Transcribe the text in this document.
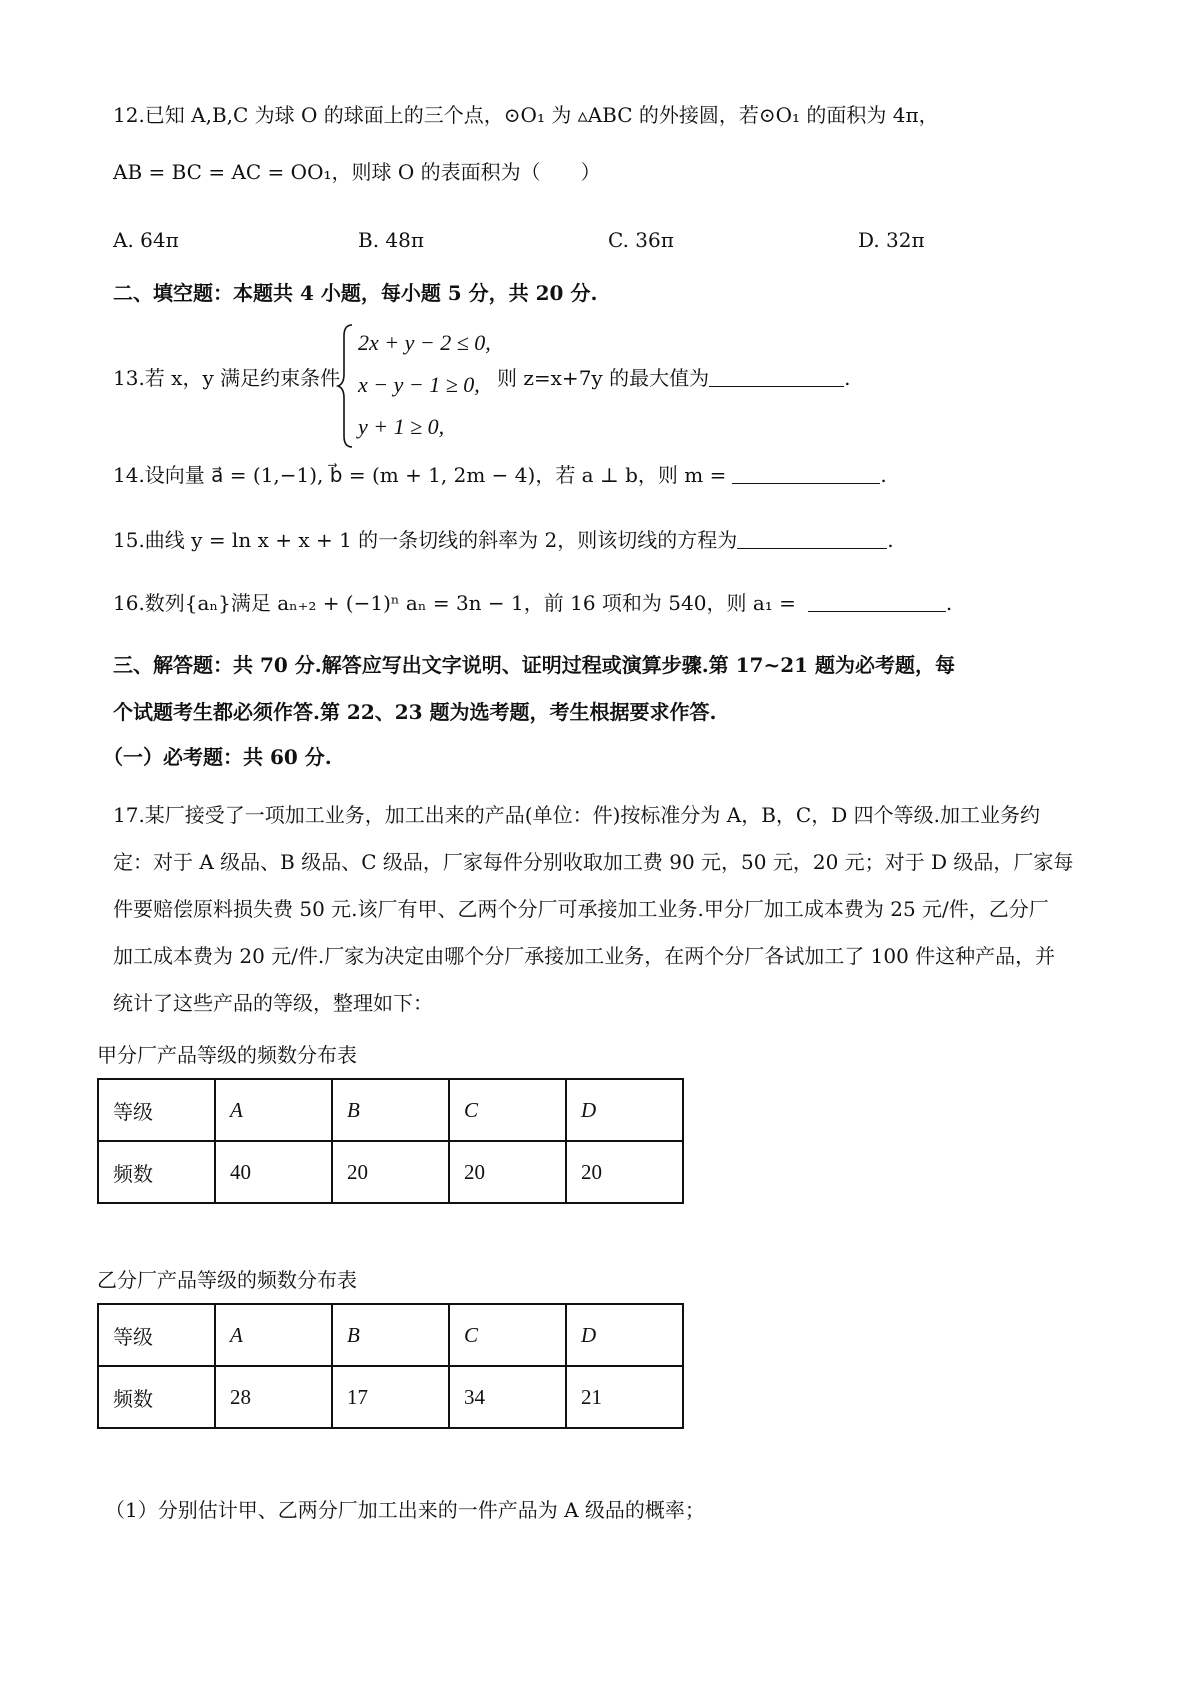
12.已知 A,B,C 为球 O 的球面上的三个点，⊙O₁ 为 ▵ABC 的外接圆，若⊙O₁ 的面积为 4π，
AB = BC = AC = OO₁，则球 O 的表面积为（　　）
A. 64π	B. 48π	C. 36π	D. 32π
二、填空题：本题共 4 小题，每小题 5 分，共 20 分.
13.若 x，y 满足约束条件
2x + y − 2 ≤ 0,
x − y − 1 ≥ 0,
y + 1 ≥ 0,
则 z=x+7y 的最大值为	.
14.设向量 a⃗ = (1,−1), b⃗ = (m + 1, 2m − 4)，若 a ⊥ b，则 m =	.
15.曲线 y = ln x + x + 1 的一条切线的斜率为 2，则该切线的方程为	.
16.数列{aₙ}满足 aₙ₊₂ + (−1)ⁿ aₙ = 3n − 1，前 16 项和为 540，则 a₁ =	.
三、解答题：共 70 分.解答应写出文字说明、证明过程或演算步骤.第 17~21 题为必考题，每
个试题考生都必须作答.第 22、23 题为选考题，考生根据要求作答.
（一）必考题：共 60 分.
17.某厂接受了一项加工业务，加工出来的产品(单位：件)按标准分为 A，B，C，D 四个等级.加工业务约
定：对于 A 级品、B 级品、C 级品，厂家每件分别收取加工费 90 元，50 元，20 元；对于 D 级品，厂家每
件要赔偿原料损失费 50 元.该厂有甲、乙两个分厂可承接加工业务.甲分厂加工成本费为 25 元/件，乙分厂
加工成本费为 20 元/件.厂家为决定由哪个分厂承接加工业务，在两个分厂各试加工了 100 件这种产品，并
统计了这些产品的等级，整理如下：
甲分厂产品等级的频数分布表
等级	A	B	C	D
频数	40	20	20	20
乙分厂产品等级的频数分布表
等级	A	B	C	D
频数	28	17	34	21
（1）分别估计甲、乙两分厂加工出来的一件产品为 A 级品的概率；
